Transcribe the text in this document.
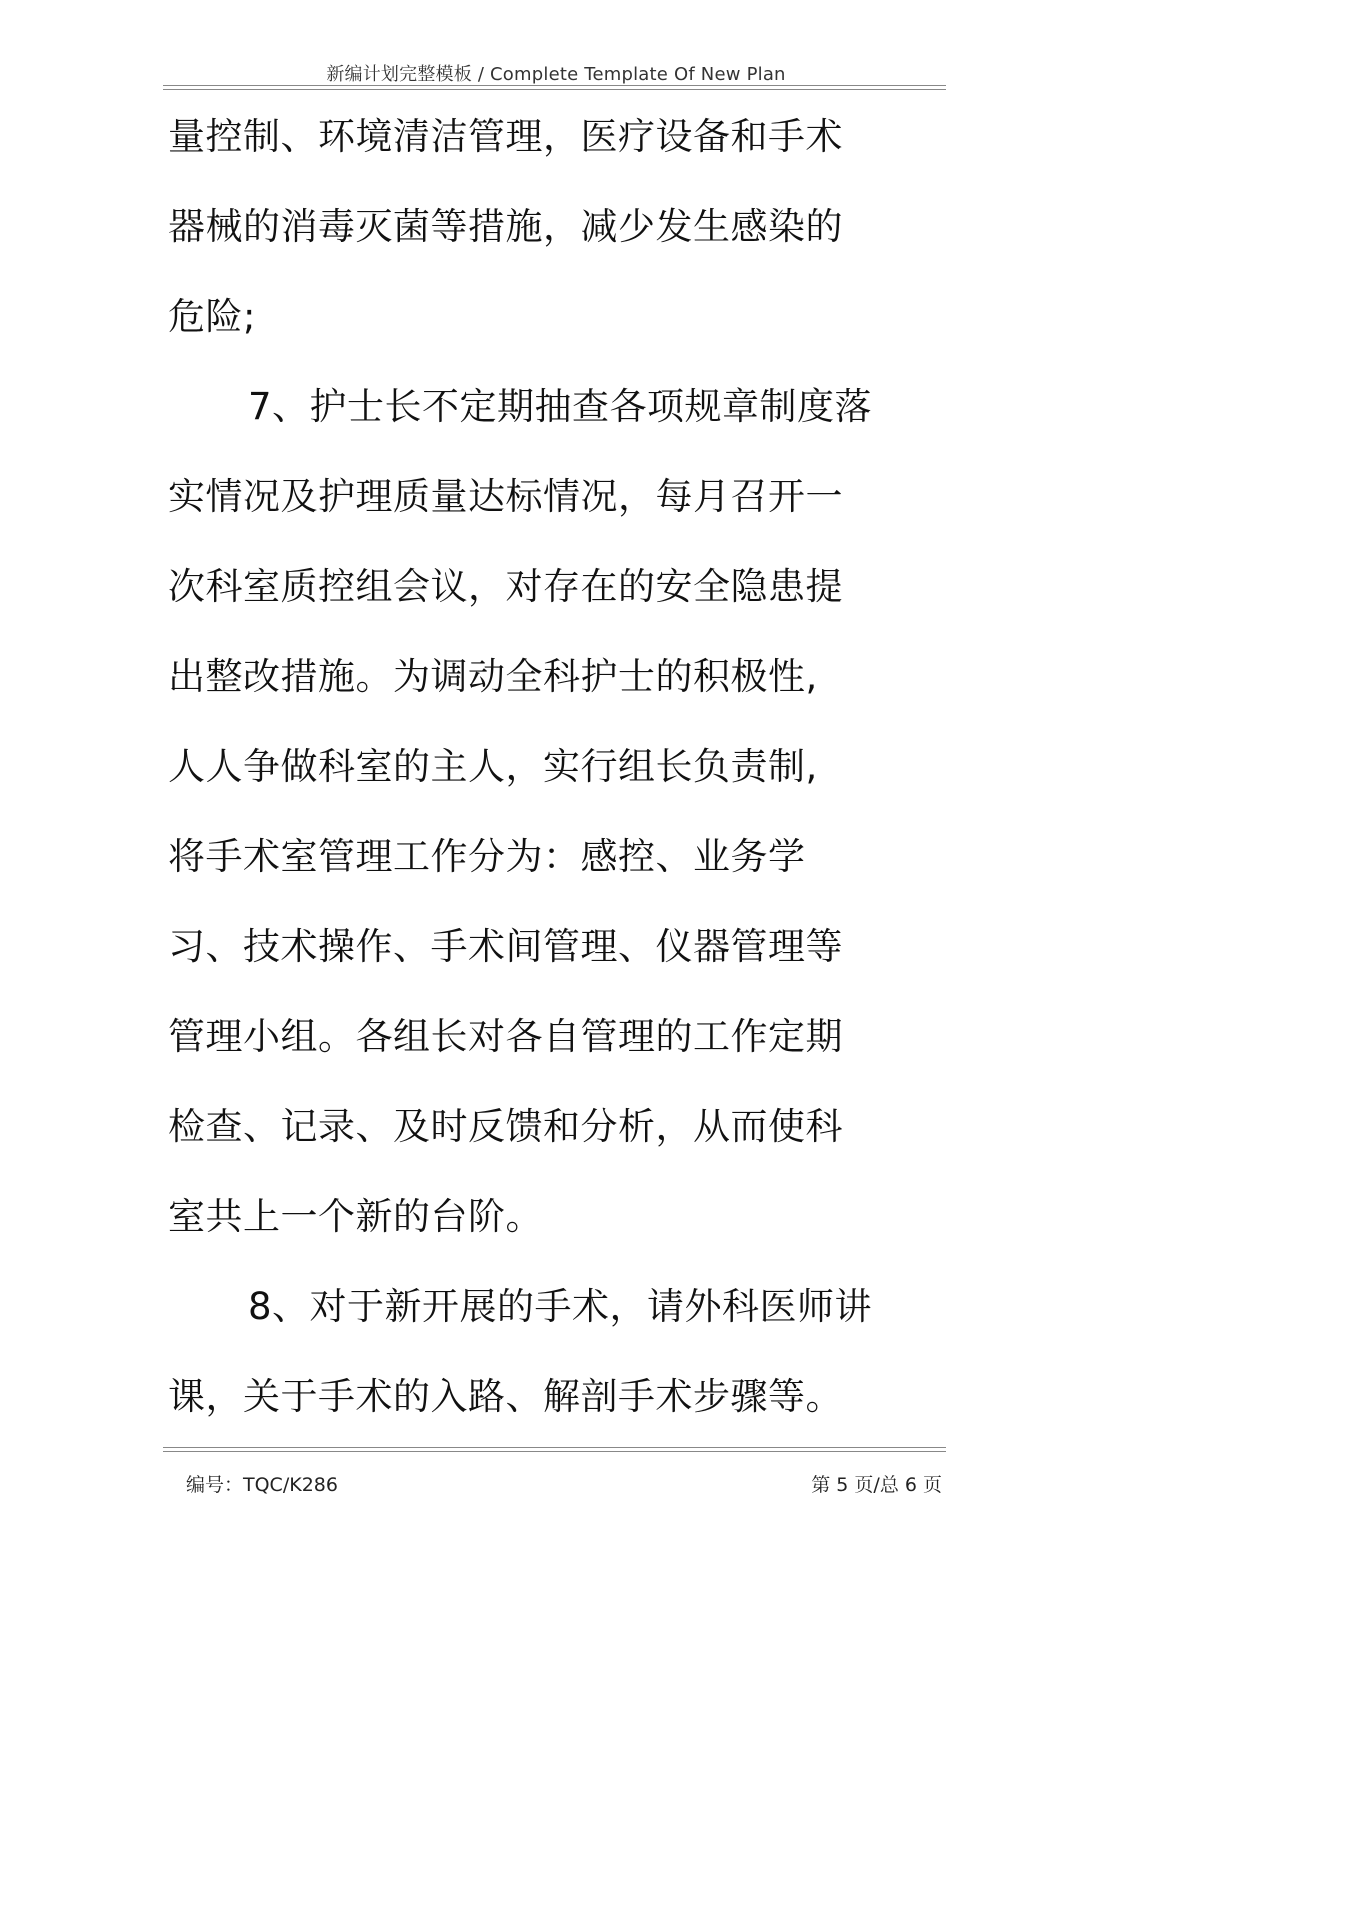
新编计划完整模板 / Complete Template Of New Plan
量控制、环境清洁管理，医疗设备和手术
器械的消毒灭菌等措施，减少发生感染的
危险;
7、护士长不定期抽查各项规章制度落
实情况及护理质量达标情况，每月召开一
次科室质控组会议，对存在的安全隐患提
出整改措施。为调动全科护士的积极性,
人人争做科室的主人，实行组长负责制,
将手术室管理工作分为：感控、业务学
习、技术操作、手术间管理、仪器管理等
管理小组。各组长对各自管理的工作定期
检查、记录、及时反馈和分析，从而使科
室共上一个新的台阶。
8、对于新开展的手术，请外科医师讲
课，关于手术的入路、解剖手术步骤等。
编号：TQC/K286	第 5 页/总 6 页
